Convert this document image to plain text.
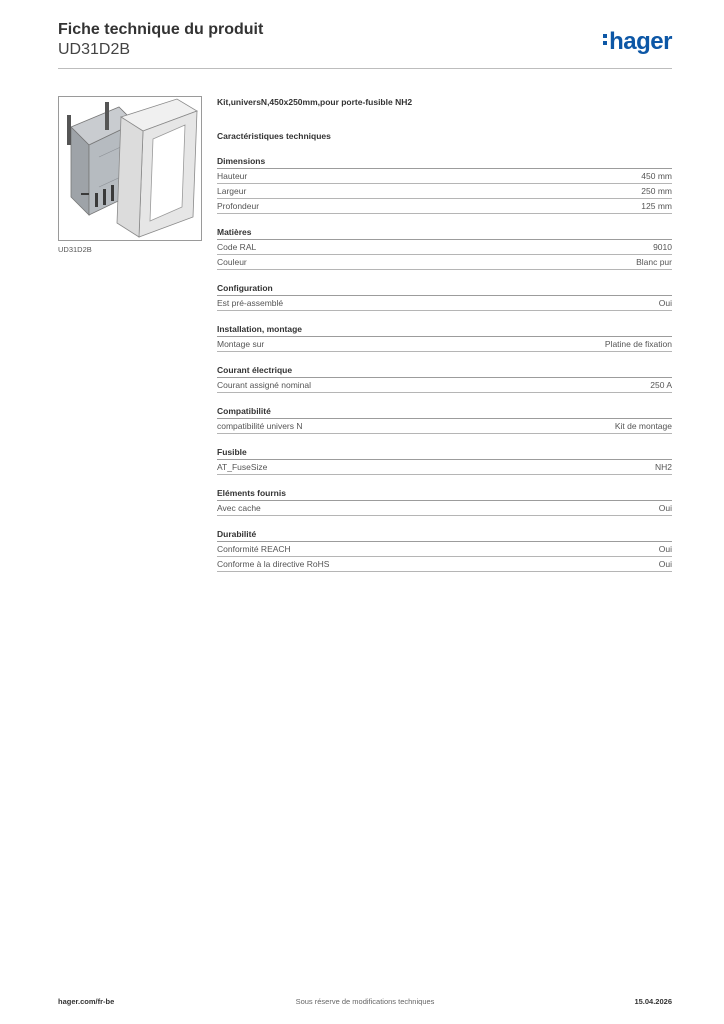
Fiche technique du produit
UD31D2B	hager
UD31D2B
Kit,universN,450x250mm,pour porte-fusible NH2
Caractéristiques techniques
Dimensions
Hauteur	450 mm
Largeur	250 mm
Profondeur	125 mm
Matières
Code RAL	9010
Couleur	Blanc pur
Configuration
Est pré-assemblé	Oui
Installation, montage
Montage sur	Platine de fixation
Courant électrique
Courant assigné nominal	250 A
Compatibilité
compatibilité univers N	Kit de montage
Fusible
AT_FuseSize	NH2
Eléments fournis
Avec cache	Oui
Durabilité
Conformité REACH	Oui
Conforme à la directive RoHS	Oui
Sous réserve de modifications techniques
hager.com/fr-be	15.04.2026
